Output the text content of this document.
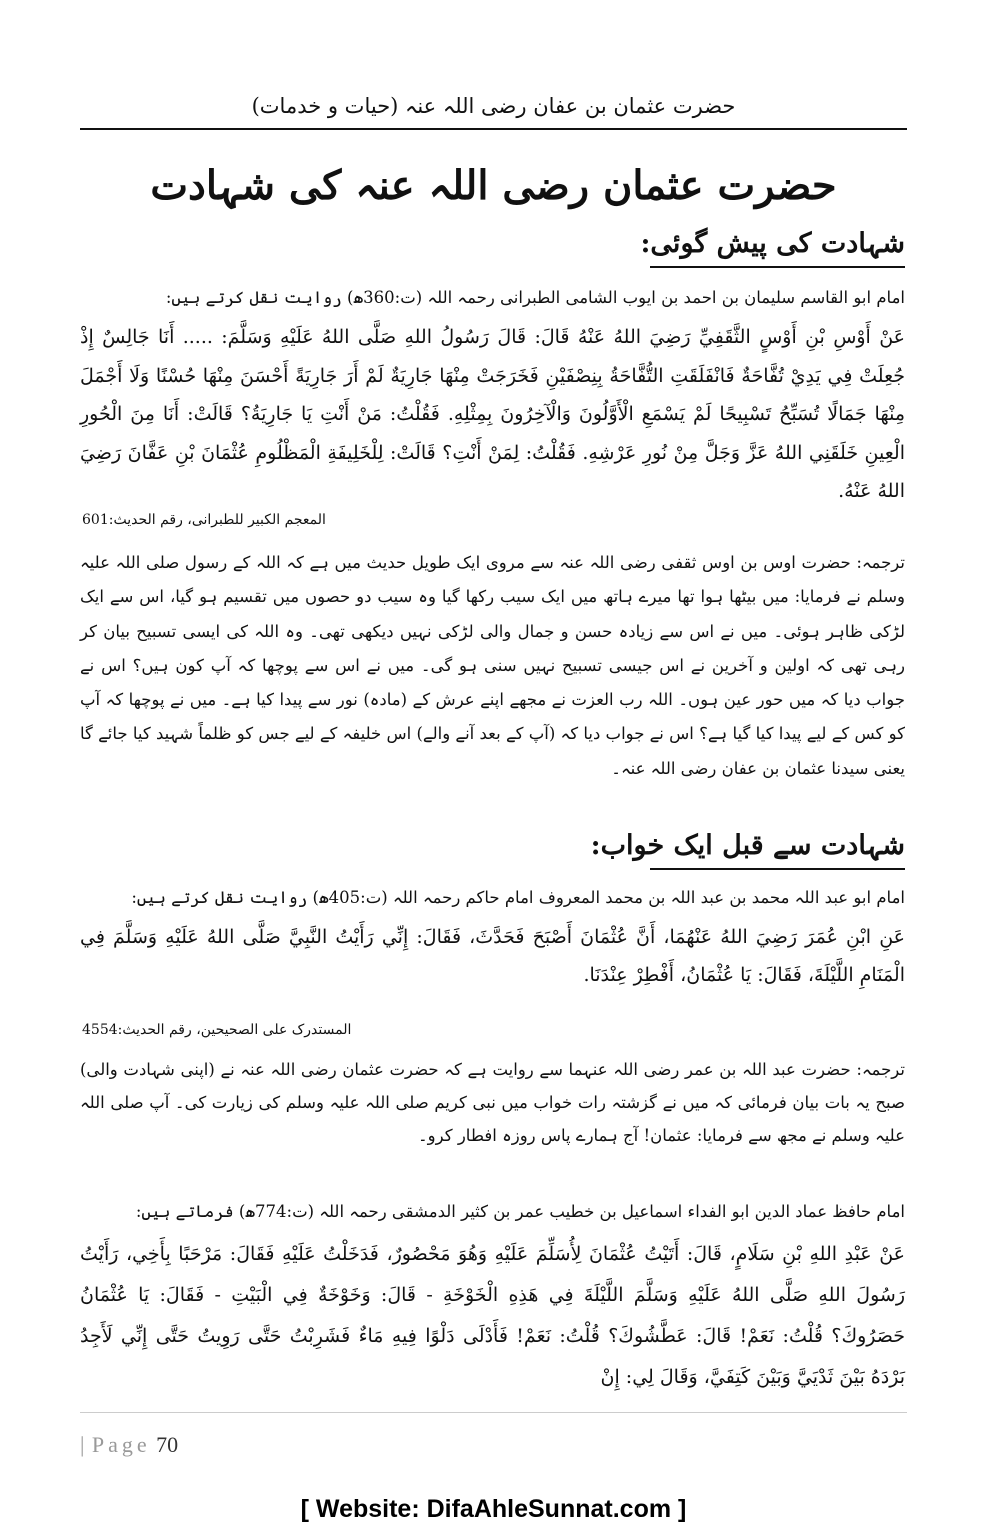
حضرت عثمان بن عفان رضی اللہ عنہ (حیات و خدمات)
حضرت عثمان رضی اللہ عنہ کی شہادت
شہادت کی پیش گوئی:
امام ابو القاسم سلیمان بن احمد بن ایوب الشامی الطبرانی رحمہ اللہ (ت:360ھ) روایت نقل کرتے ہیں:
عَنْ أَوْسِ بْنِ أَوْسٍ الثَّقَفِيِّ رَضِيَ اللهُ عَنْهُ قَالَ: قَالَ رَسُولُ اللهِ صَلَّى اللهُ عَلَيْهِ وَسَلَّمَ: ..... أَنَا جَالِسٌ إِذْ جُعِلَتْ فِي يَدِيْ تُفَّاحَةٌ فَانْفَلَقَتِ التُّفَّاحَةُ بِنِصْفَيْنِ فَخَرَجَتْ مِنْهَا جَارِيَةٌ لَمْ أَرَ جَارِيَةً أَحْسَنَ مِنْهَا حُسْنًا وَلَا أَجْمَلَ مِنْهَا جَمَالًا تُسَبِّحُ تَسْبِيحًا لَمْ يَسْمَعِ الْأَوَّلُونَ وَالْآخِرُونَ بِمِثْلِهِ. فَقُلْتُ: مَنْ أَنْتِ يَا جَارِيَةُ؟ قَالَتْ: أَنَا مِنَ الْحُورِ الْعِينِ خَلَقَنِي اللهُ عَزَّ وَجَلَّ مِنْ نُورِ عَرْشِهِ. فَقُلْتُ: لِمَنْ أَنْتِ؟ قَالَتْ: لِلْخَلِيفَةِ الْمَظْلُومِ عُثْمَانَ بْنِ عَفَّانَ رَضِيَ اللهُ عَنْهُ.
المعجم الکبیر للطبرانی، رقم الحدیث:601
ترجمہ: حضرت اوس بن اوس ثقفی رضی اللہ عنہ سے مروی ایک طویل حدیث میں ہے کہ اللہ کے رسول صلی اللہ علیہ وسلم نے فرمایا: میں بیٹھا ہوا تھا میرے ہاتھ میں ایک سیب رکھا گیا وہ سیب دو حصوں میں تقسیم ہو گیا، اس سے ایک لڑکی ظاہر ہوئی۔ میں نے اس سے زیادہ حسن و جمال والی لڑکی نہیں دیکھی تھی۔ وہ اللہ کی ایسی تسبیح بیان کر رہی تھی کہ اولین و آخرین نے اس جیسی تسبیح نہیں سنی ہو گی۔ میں نے اس سے پوچھا کہ آپ کون ہیں؟ اس نے جواب دیا کہ میں حور عین ہوں۔ اللہ رب العزت نے مجھے اپنے عرش کے (مادہ) نور سے پیدا کیا ہے۔ میں نے پوچھا کہ آپ کو کس کے لیے پیدا کیا گیا ہے؟ اس نے جواب دیا کہ (آپ کے بعد آنے والے) اس خلیفہ کے لیے جس کو ظلماً شہید کیا جائے گا یعنی سیدنا عثمان بن عفان رضی اللہ عنہ۔
شہادت سے قبل ایک خواب:
امام ابو عبد اللہ محمد بن عبد اللہ بن محمد المعروف امام حاکم رحمہ اللہ (ت:405ھ) روایت نقل کرتے ہیں:
عَنِ ابْنِ عُمَرَ رَضِيَ اللهُ عَنْهُمَا، أَنَّ عُثْمَانَ أَصْبَحَ فَحَدَّثَ، فَقَالَ: إِنِّي رَأَيْتُ النَّبِيَّ صَلَّى اللهُ عَلَيْهِ وَسَلَّمَ فِي الْمَنَامِ اللَّيْلَةَ، فَقَالَ: يَا عُثْمَانُ، أَفْطِرْ عِنْدَنَا.
المستدرک علی الصحیحین، رقم الحدیث:4554
ترجمہ: حضرت عبد اللہ بن عمر رضی اللہ عنہما سے روایت ہے کہ حضرت عثمان رضی اللہ عنہ نے (اپنی شہادت والی) صبح یہ بات بیان فرمائی کہ میں نے گزشتہ رات خواب میں نبی کریم صلی اللہ علیہ وسلم کی زیارت کی۔ آپ صلی اللہ علیہ وسلم نے مجھ سے فرمایا: عثمان! آج ہمارے پاس روزہ افطار کرو۔
امام حافظ عماد الدین ابو الفداء اسماعیل بن خطیب عمر بن کثیر الدمشقی رحمہ اللہ (ت:774ھ) فرماتے ہیں:
عَنْ عَبْدِ اللهِ بْنِ سَلَامٍ، قَالَ: أَتَيْتُ عُثْمَانَ لِأُسَلِّمَ عَلَيْهِ وَهُوَ مَحْصُورٌ، فَدَخَلْتُ عَلَيْهِ فَقَالَ: مَرْحَبًا بِأَخِي، رَأَيْتُ رَسُولَ اللهِ صَلَّى اللهُ عَلَيْهِ وَسَلَّمَ اللَّيْلَةَ فِي هَذِهِ الْخَوْخَةِ - قَالَ: وَخَوْخَةٌ فِي الْبَيْتِ - فَقَالَ: يَا عُثْمَانُ حَصَرُوكَ؟ قُلْتُ: نَعَمْ! قَالَ: عَطَّشُوكَ؟ قُلْتُ: نَعَمْ! فَأَدْلَى دَلْوًا فِيهِ مَاءٌ فَشَرِبْتُ حَتَّى رَوِيتُ حَتَّى إِنِّي لَأَجِدُ بَرْدَهُ بَيْنَ ثَدْيَيَّ وَبَيْنَ كَتِفَيَّ، وَقَالَ لِي: إِنْ
| Page 70
[ Website: DifaAhleSunnat.com ]
